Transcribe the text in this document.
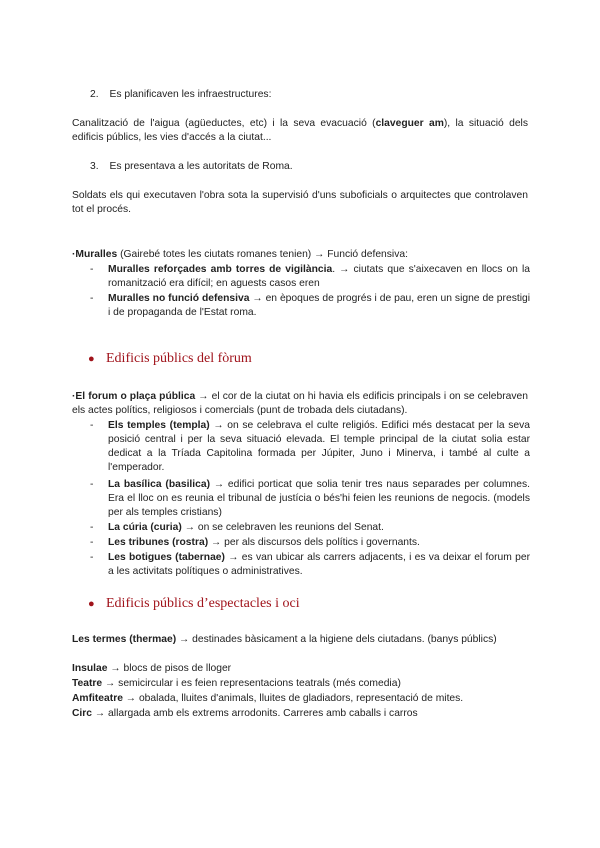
2. Es planificaven les infraestructures:
Canalització de l'aigua (agüeductes, etc) i la seva evacuació (claveguer am), la situació dels edificis públics, les vies d'accés a la ciutat...
3. Es presentava a les autoritats de Roma.
Soldats els qui executaven l'obra sota la supervisió d'uns suboficials o arquitectes que controlaven tot el procés.
·Muralles (Gairebé totes les ciutats romanes tenien) → Funció defensiva:
- Muralles reforçades amb torres de vigilància. → ciutats que s'aixecaven en llocs on la romanització era difícil; en aguests casos eren
- Muralles no funció defensiva → en èpoques de progrés i de pau, eren un signe de prestigi i de propaganda de l'Estat roma.
● Edificis públics del fòrum
·El forum o plaça pública → el cor de la ciutat on hi havia els edificis principals i on se celebraven els actes polítics, religiosos i comercials (punt de trobada dels ciutadans).
- Els temples (templa) → on se celebrava el culte religiós. Edifici més destacat per la seva posició central i per la seva situació elevada. El temple principal de la ciutat solia estar dedicat a la Tríada Capitolina formada per Júpiter, Juno i Minerva, i també al culte a l'emperador.
- La basílica (basilica) → edifici porticat que solia tenir tres naus separades per columnes. Era el lloc on es reunia el tribunal de justícia o bés'hi feien les reunions de negocis. (models per als temples cristians)
- La cúria (curia) → on se celebraven les reunions del Senat.
- Les tribunes (rostra) → per als discursos dels polítics i governants.
- Les botigues (tabernae) → es van ubicar als carrers adjacents, i es va deixar el forum per a les activitats polítiques o administratives.
● Edificis públics d’espectacles i oci
Les termes (thermae) → destinades bàsicament a la higiene dels ciutadans. (banys públics)
Insulae → blocs de pisos de lloger
Teatre → semicircular i es feien representacions teatrals (més comedia)
Amfiteatre → obalada, lluites d'animals, lluites de gladiadors, representació de mites.
Circ → allargada amb els extrems arrodonits. Carreres amb caballs i carros
